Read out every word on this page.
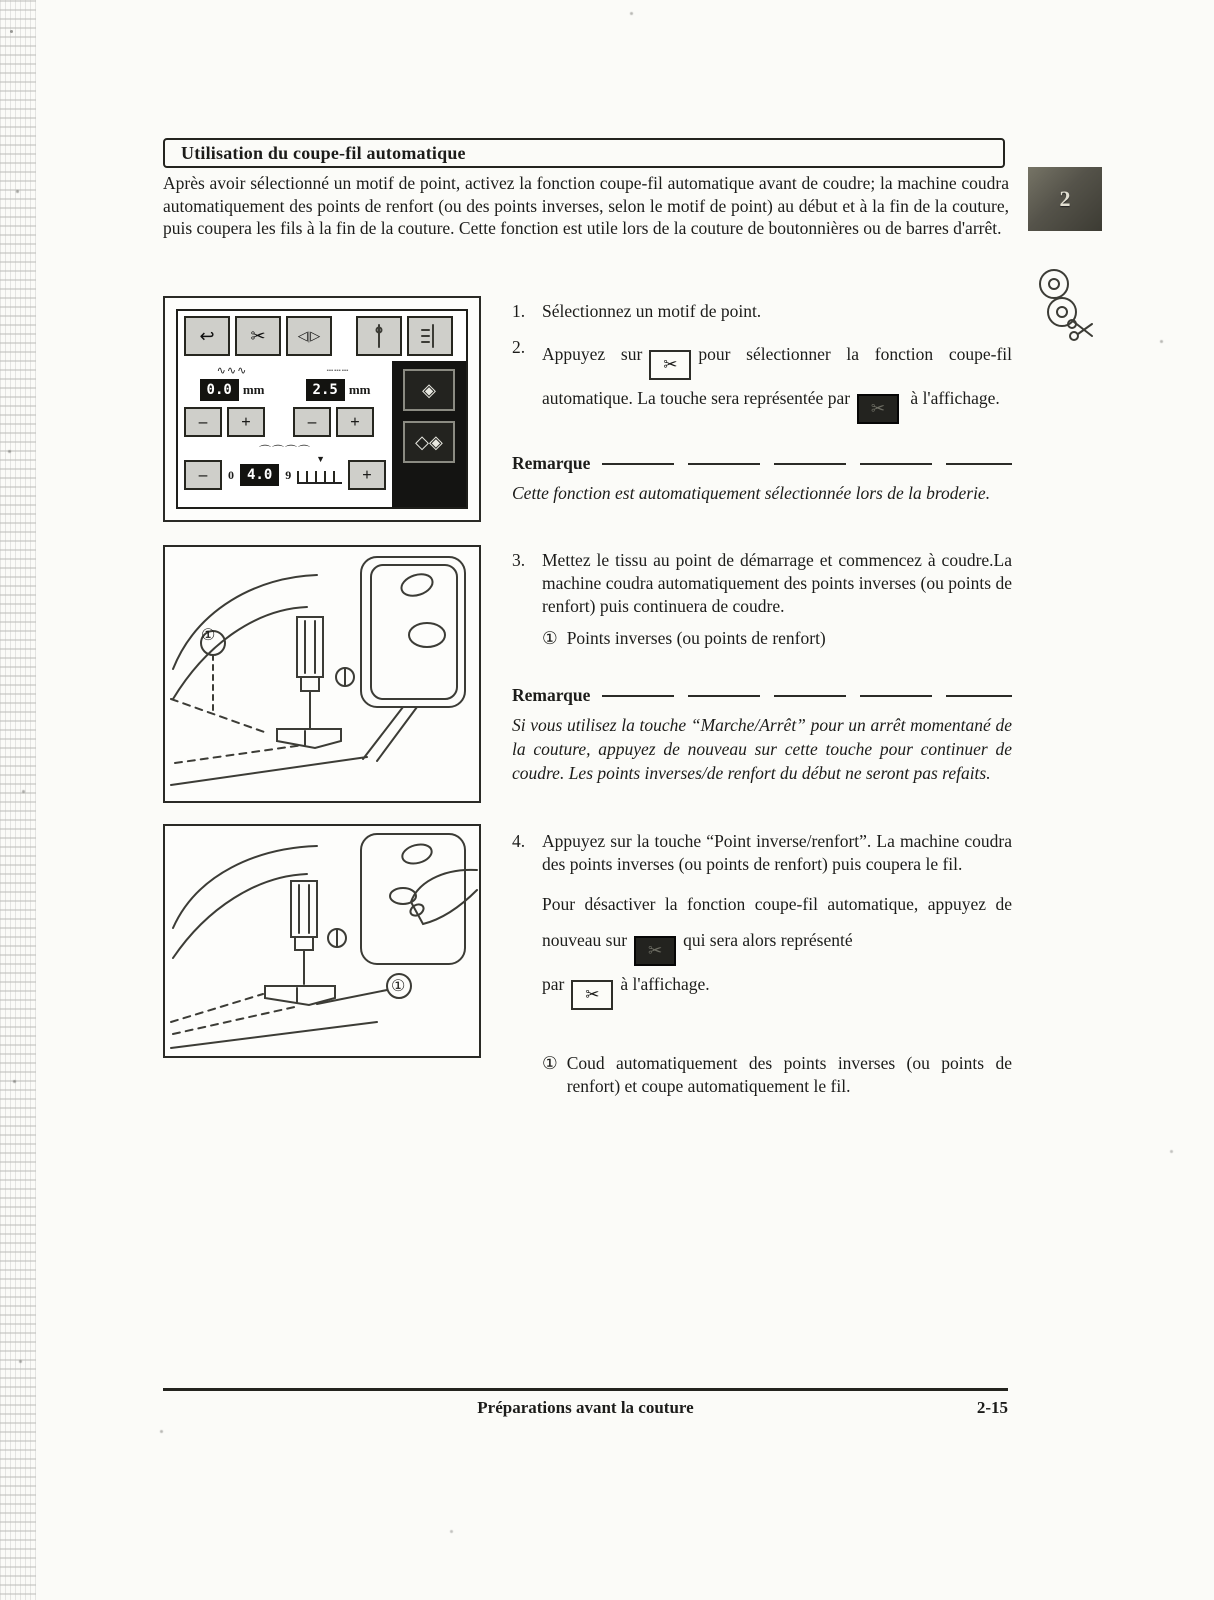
Utilisation du coupe-fil automatique

Après avoir sélectionné un motif de point, activez la fonction coupe-fil automatique avant de coudre; la machine coudra automatiquement des points de renfort (ou des points inverses, selon le motif de point) au début et à la fin de la couture, puis coupera les fils à la fin de la couture. Cette fonction est utile lors de la couture de boutonnières ou de barres d'arrêt.

2
↩ ✂ ◁|▷
∿∿∿
0.0 mm
┄┄┄
2.5 mm
– +	– +
⌒⌒⌒⌒
– 0 4.0	9
▼
+
◈
◇◈
①
①
1. Sélectionnez un motif de point.
2. Appuyez sur
✂
pour sélectionner la fonction coupe-fil automatique. La touche sera représentée par
✂
à l'affichage.
Remarque
Cette fonction est automatiquement sélectionnée lors de la broderie.
3. Mettez le tissu au point de démarrage et commencez à coudre.La machine coudra automatiquement des points inverses (ou points de renfort) puis continuera de coudre.
① Points inverses (ou points de renfort)
Remarque
Si vous utilisez la touche “Marche/Arrêt” pour un arrêt momentané de la couture, appuyez de nouveau sur cette touche pour continuer de coudre. Les points inverses/de renfort du début ne seront pas refaits.
4. Appuyez sur la touche “Point inverse/renfort”. La machine coudra des points inverses (ou points de renfort) puis coupera le fil.
Pour désactiver la fonction coupe-fil automatique, appuyez de nouveau sur
✂
qui sera alors représenté
par
✂
à l'affichage.
① Coud automatiquement des points inverses (ou points de renfort) et coupe automatiquement le fil.
Préparations avant la couture	2-15
